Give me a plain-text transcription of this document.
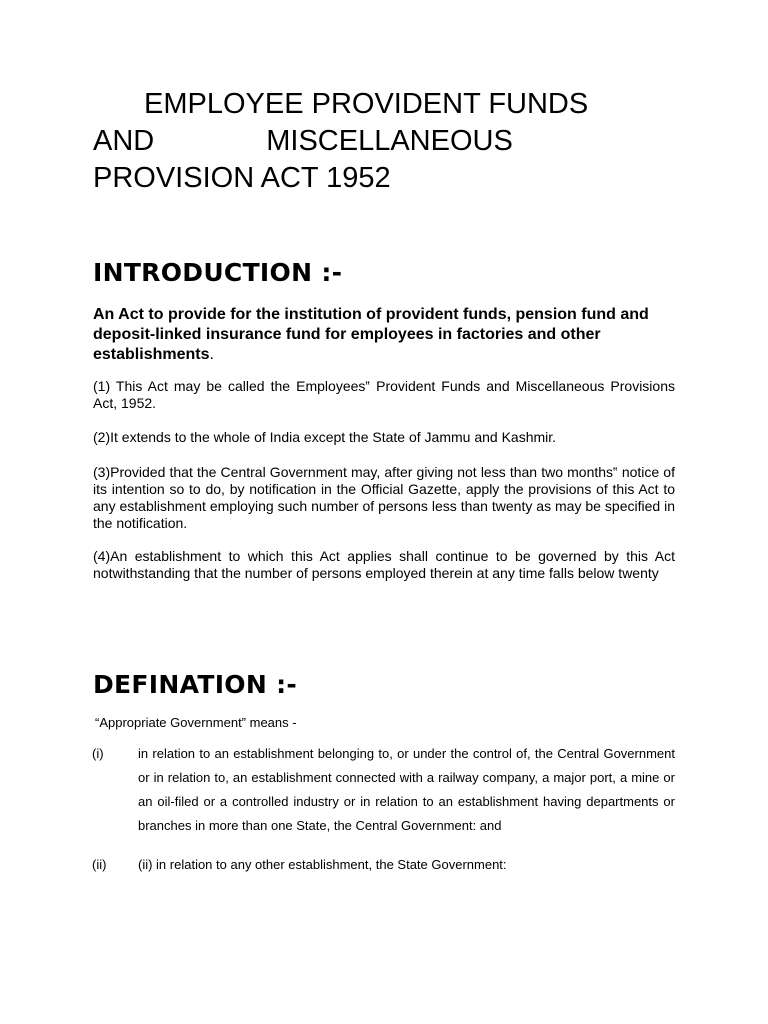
EMPLOYEE PROVIDENT FUNDS
AND	MISCELLANEOUS
PROVISION ACT 1952
INTRODUCTION :-
An Act to provide for the institution of provident funds, pension fund and deposit-linked insurance fund for employees in factories and other establishments.
(1) This Act may be called the Employees‟ Provident Funds and Miscellaneous Provisions Act, 1952.
(2)It extends to the whole of India except the State of Jammu and Kashmir.
(3)Provided that the Central Government may, after giving not less than two months‟ notice of its intention so to do, by notification in the Official Gazette, apply the provisions of this Act to any establishment employing such number of persons less than twenty as may be specified in the notification.
(4)An establishment to which this Act applies shall continue to be governed by this Act notwithstanding that the number of persons employed therein at any time falls below twenty
DEFINATION :-
“Appropriate Government” means -
(i)	in relation to an establishment belonging to, or under the control of, the Central Government or in relation to, an establishment connected with a railway company, a major port, a mine or an oil-filed or a controlled industry or in relation to an establishment having departments or branches in more than one State, the Central Government: and
(ii) (ii) in relation to any other establishment, the State Government:
